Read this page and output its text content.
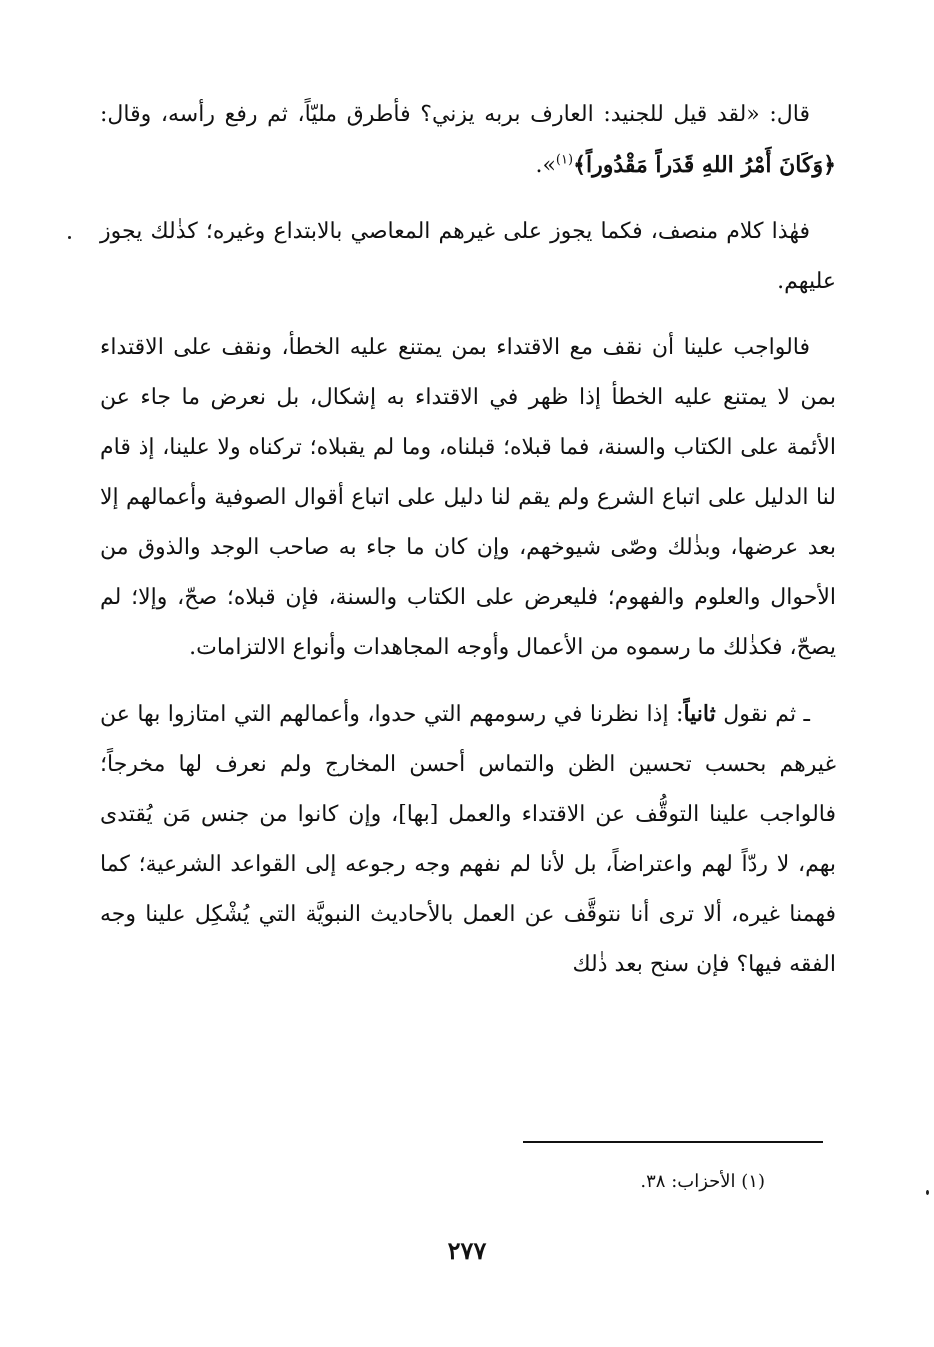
قال: «لقد قيل للجنيد: العارف بربه يزني؟ فأطرق مليّاً، ثم رفع رأسه، وقال: ﴿وَكَانَ أَمْرُ اللهِ قَدَراً مَقْدُوراً﴾$^{(١)}$».

فهٰذا كلام منصف، فكما يجوز على غيرهم المعاصي بالابتداع وغيره؛ كذٰلك يجوز عليهم.

فالواجب علينا أن نقف مع الاقتداء بمن يمتنع عليه الخطأ، ونقف على الاقتداء بمن لا يمتنع عليه الخطأ إذا ظهر في الاقتداء به إشكال، بل نعرض ما جاء عن الأئمة على الكتاب والسنة، فما قبلاه؛ قبلناه، وما لم يقبلاه؛ تركناه ولا علينا، إذ قام لنا الدليل على اتباع الشرع ولم يقم لنا دليل على اتباع أقوال الصوفية وأعمالهم إلا بعد عرضها، وبذٰلك وصّى شيوخهم، وإن كان ما جاء به صاحب الوجد والذوق من الأحوال والعلوم والفهوم؛ فليعرض على الكتاب والسنة، فإن قبلاه؛ صحّ، وإلا؛ لم يصحّ، فكذٰلك ما رسموه من الأعمال وأوجه المجاهدات وأنواع الالتزامات.

ـ ثم نقول ثانياً: إذا نظرنا في رسومهم التي حدوا، وأعمالهم التي امتازوا بها عن غيرهم بحسب تحسين الظن والتماس أحسن المخارج ولم نعرف لها مخرجاً؛ فالواجب علينا التوقُّف عن الاقتداء والعمل [بها]، وإن كانوا من جنس مَن يُقتدى بهم، لا ردّاً لهم واعتراضاً، بل لأنا لم نفهم وجه رجوعه إلى القواعد الشرعية؛ كما فهمنا غيره، ألا ترى أنا نتوقَّف عن العمل بالأحاديث النبويَّة التي يُشْكِل علينا وجه الفقه فيها؟ فإن سنح بعد ذٰلك

(١) الأحزاب: ٣٨.
٢٧٧
